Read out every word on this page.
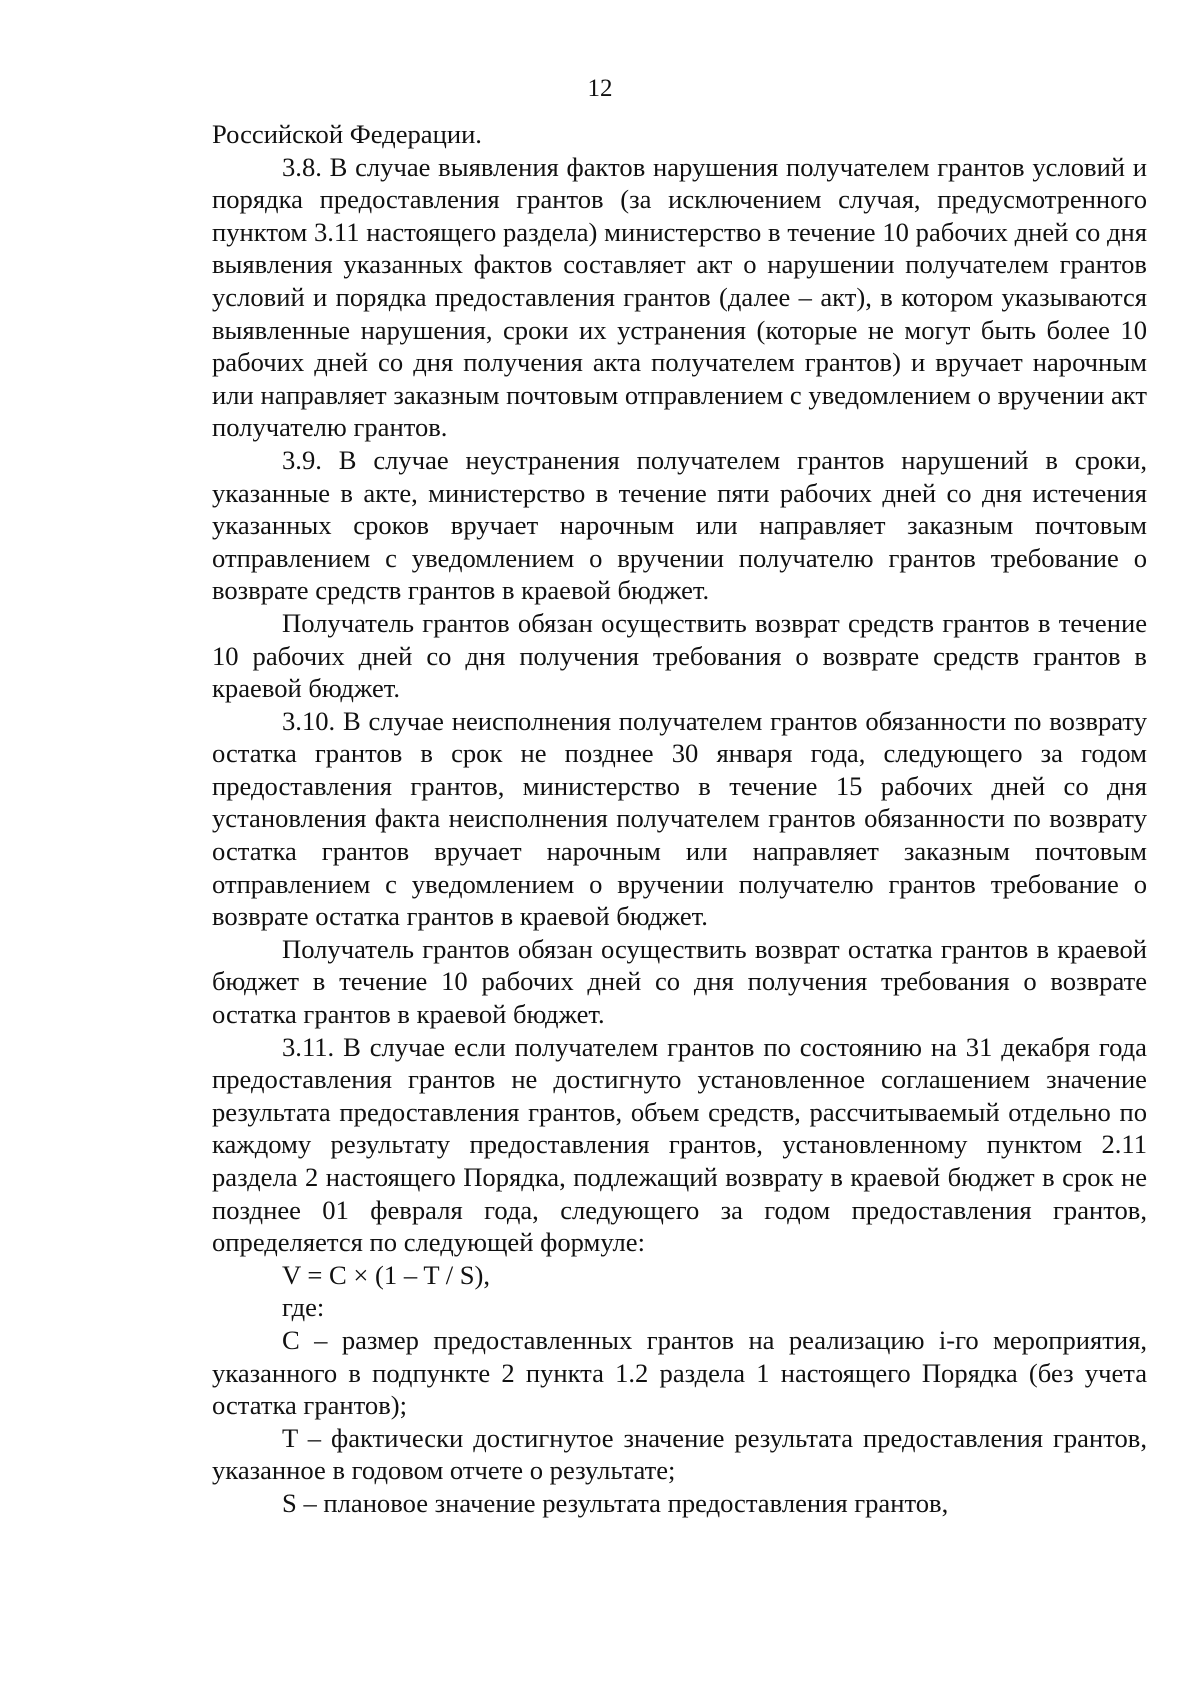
12

Российской Федерации.

3.8. В случае выявления фактов нарушения получателем грантов условий и порядка предоставления грантов (за исключением случая, предусмотренного пунктом 3.11 настоящего раздела) министерство в течение 10 рабочих дней со дня выявления указанных фактов составляет акт о нарушении получателем грантов условий и порядка предоставления грантов (далее – акт), в котором указываются выявленные нарушения, сроки их устранения (которые не могут быть более 10 рабочих дней со дня получения акта получателем грантов) и вручает нарочным или направляет заказным почтовым отправлением с уведомлением о вручении акт получателю грантов.

3.9. В случае неустранения получателем грантов нарушений в сроки, указанные в акте, министерство в течение пяти рабочих дней со дня истечения указанных сроков вручает нарочным или направляет заказным почтовым отправлением с уведомлением о вручении получателю грантов требование о возврате средств грантов в краевой бюджет.

Получатель грантов обязан осуществить возврат средств грантов в течение 10 рабочих дней со дня получения требования о возврате средств грантов в краевой бюджет.

3.10. В случае неисполнения получателем грантов обязанности по возврату остатка грантов в срок не позднее 30 января года, следующего за годом предоставления грантов, министерство в течение 15 рабочих дней со дня установления факта неисполнения получателем грантов обязанности по возврату остатка грантов вручает нарочным или направляет заказным почтовым отправлением с уведомлением о вручении получателю грантов требование о возврате остатка грантов в краевой бюджет.

Получатель грантов обязан осуществить возврат остатка грантов в краевой бюджет в течение 10 рабочих дней со дня получения требования о возврате остатка грантов в краевой бюджет.

3.11. В случае если получателем грантов по состоянию на 31 декабря года предоставления грантов не достигнуто установленное соглашением значение результата предоставления грантов, объем средств, рассчитываемый отдельно по каждому результату предоставления грантов, установленному пунктом 2.11 раздела 2 настоящего Порядка, подлежащий возврату в краевой бюджет в срок не позднее 01 февраля года, следующего за годом предоставления грантов, определяется по следующей формуле:

V = C × (1 – T / S),

где:

C – размер предоставленных грантов на реализацию i-го мероприятия, указанного в подпункте 2 пункта 1.2 раздела 1 настоящего Порядка (без учета остатка грантов);

T – фактически достигнутое значение результата предоставления грантов, указанное в годовом отчете о результате;

S – плановое значение результата предоставления грантов,
